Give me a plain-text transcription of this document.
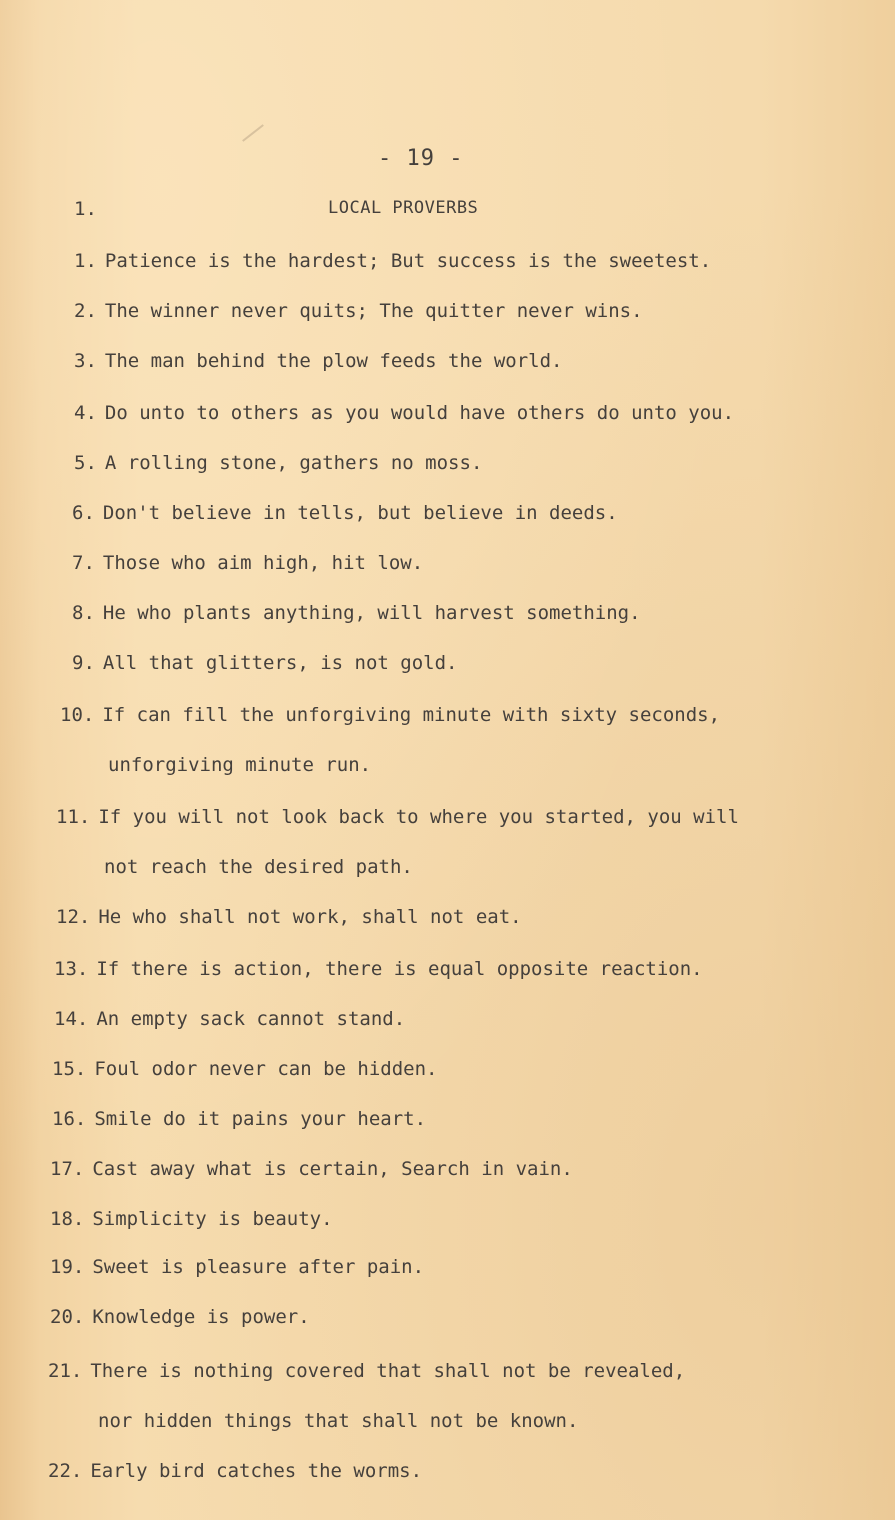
- 19 -
1.	LOCAL PROVERBS
1. Patience is the hardest; But success is the sweetest.
2. The winner never quits; The quitter never wins.
3. The man behind the plow feeds the world.
4. Do unto to others as you would have others do unto you.
5. A rolling stone, gathers no moss.
6. Don't believe in tells, but believe in deeds.
7. Those who aim high, hit low.
8. He who plants anything, will harvest something.
9. All that glitters, is not gold.
10. If can fill the unforgiving minute with sixty seconds,
unforgiving minute run.
11. If you will not look back to where you started, you will
not reach the desired path.
12. He who shall not work, shall not eat.
13. If there is action, there is equal opposite reaction.
14. An empty sack cannot stand.
15. Foul odor never can be hidden.
16. Smile do it pains your heart.
17. Cast away what is certain, Search in vain.
18. Simplicity is beauty.
19. Sweet is pleasure after pain.
20. Knowledge is power.
21. There is nothing covered that shall not be revealed,
nor hidden things that shall not be known.
22. Early bird catches the worms.
